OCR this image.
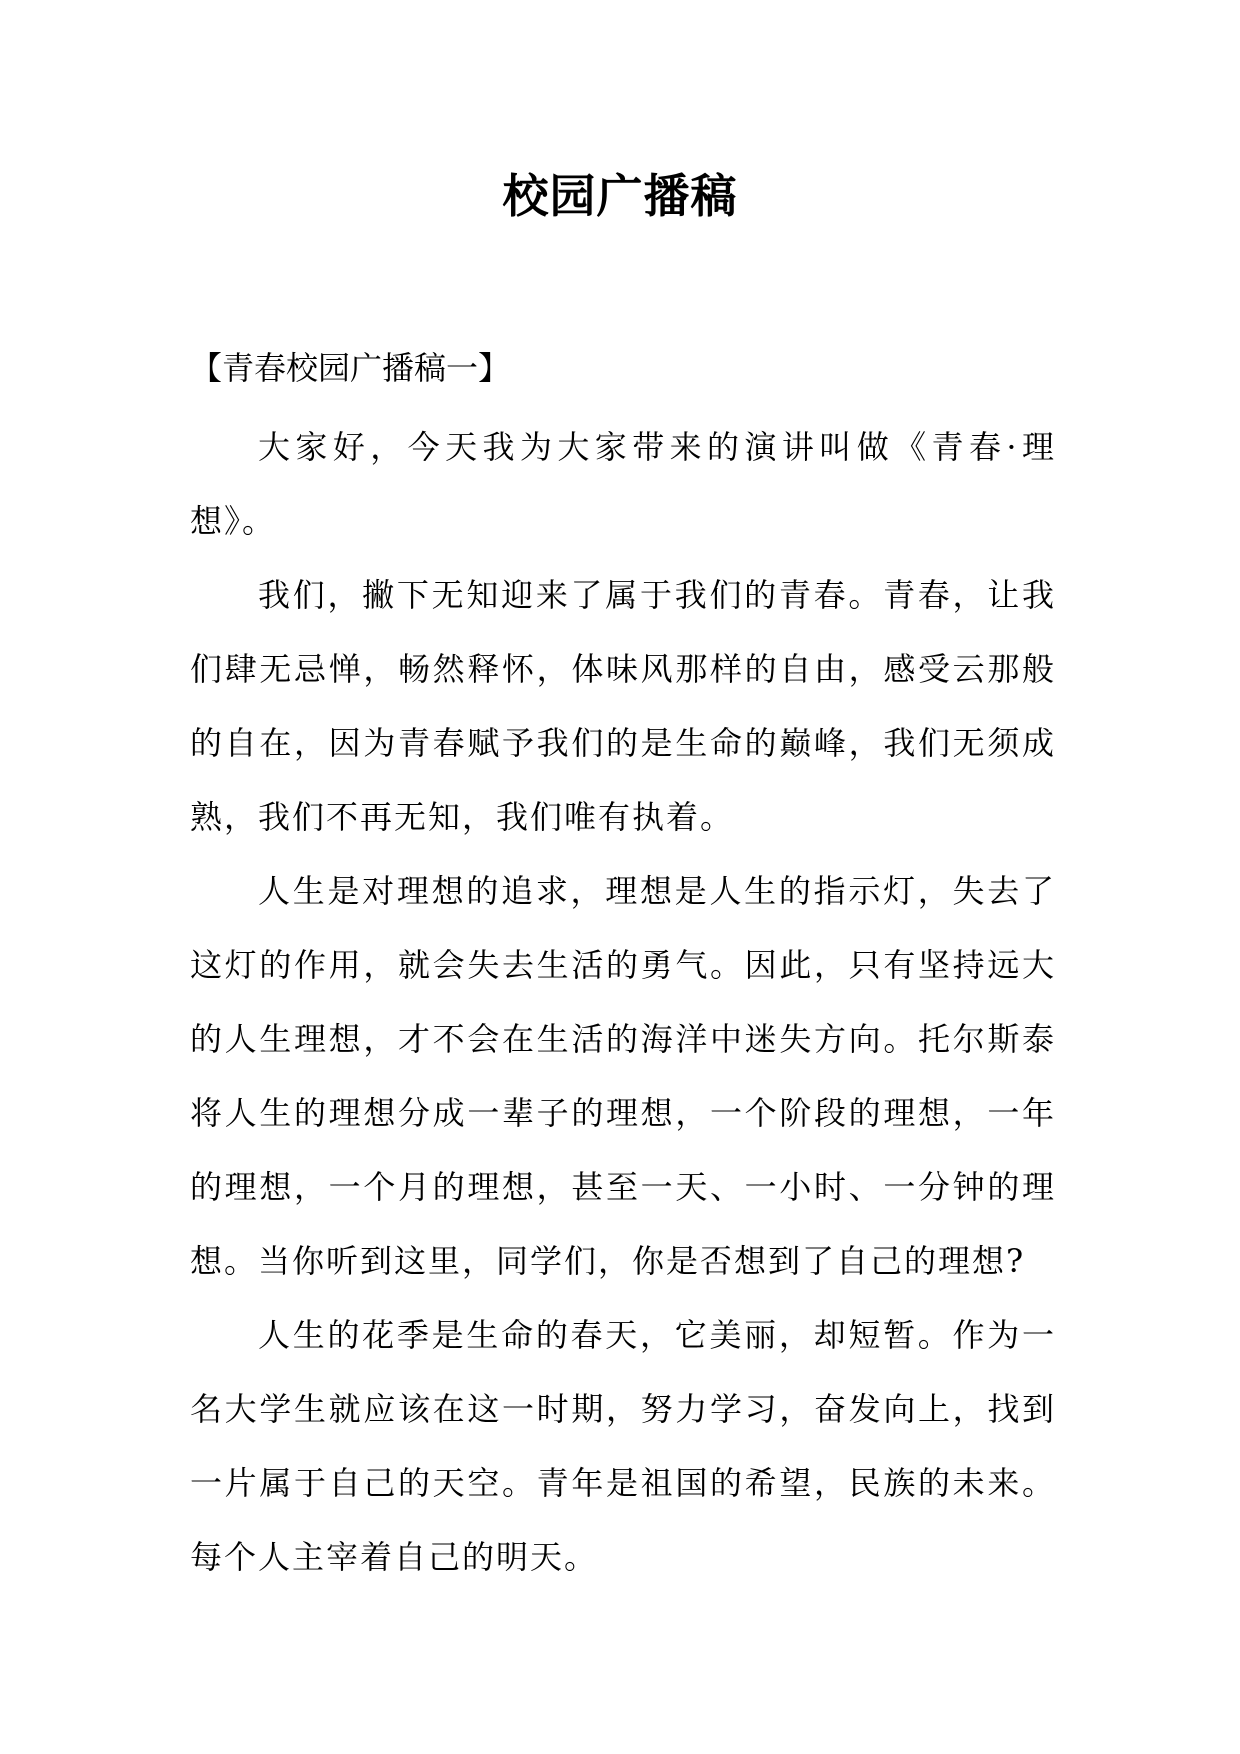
校园广播稿

【青春校园广播稿一】

大家好，今天我为大家带来的演讲叫做《青春·理想》。

我们，撇下无知迎来了属于我们的青春。青春，让我们肆无忌惮，畅然释怀，体味风那样的自由，感受云那般的自在，因为青春赋予我们的是生命的巅峰，我们无须成熟，我们不再无知，我们唯有执着。

人生是对理想的追求，理想是人生的指示灯，失去了这灯的作用，就会失去生活的勇气。因此，只有坚持远大的人生理想，才不会在生活的海洋中迷失方向。托尔斯泰将人生的理想分成一辈子的理想，一个阶段的理想，一年的理想，一个月的理想，甚至一天、一小时、一分钟的理想。当你听到这里，同学们，你是否想到了自己的理想?

人生的花季是生命的春天，它美丽，却短暂。作为一名大学生就应该在这一时期，努力学习，奋发向上，找到一片属于自己的天空。青年是祖国的希望，民族的未来。每个人主宰着自己的明天。
